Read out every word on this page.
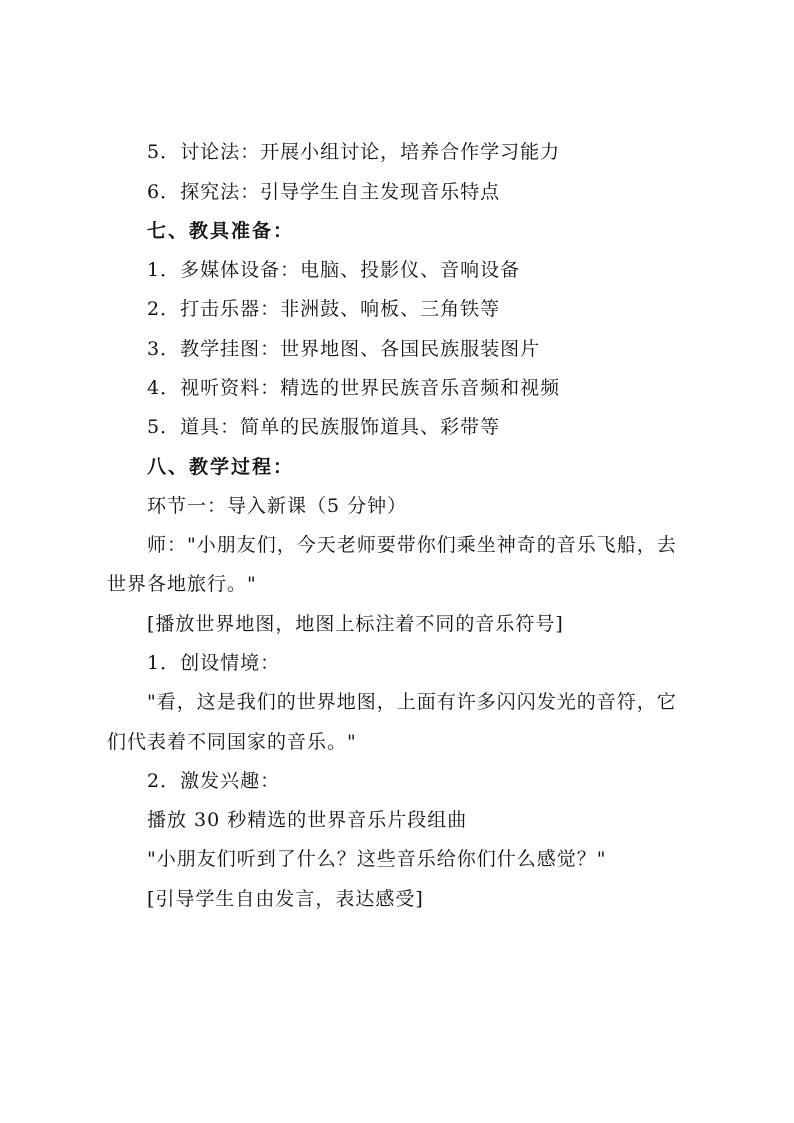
5．讨论法：开展小组讨论，培养合作学习能力
6．探究法：引导学生自主发现音乐特点
七、教具准备：
1．多媒体设备：电脑、投影仪、音响设备
2．打击乐器：非洲鼓、响板、三角铁等
3．教学挂图：世界地图、各国民族服装图片
4．视听资料：精选的世界民族音乐音频和视频
5．道具：简单的民族服饰道具、彩带等
八、教学过程：
环节一：导入新课（5 分钟）
师："小朋友们，今天老师要带你们乘坐神奇的音乐飞船，去
世界各地旅行。"
[播放世界地图，地图上标注着不同的音乐符号]
1．创设情境：
"看，这是我们的世界地图，上面有许多闪闪发光的音符，它
们代表着不同国家的音乐。"
2．激发兴趣：
播放 30 秒精选的世界音乐片段组曲
"小朋友们听到了什么？这些音乐给你们什么感觉？"
[引导学生自由发言，表达感受]
